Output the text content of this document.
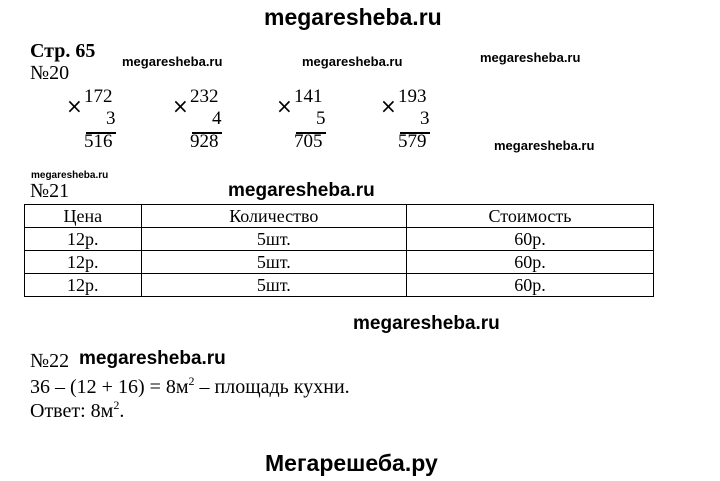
megaresheba.ru
megaresheba.ru	megaresheba.ru	megaresheba.ru
megaresheba.ru
megaresheba.ru
megaresheba.ru
megaresheba.ru
megaresheba.ru
Мегарешеба.ру
Стр. 65
№20
× 172
3
516
× 232
4
928
× 141
5
705
× 193
3
579
№21
Цена	Количество	Стоимость
12р.	5шт.	60р.
12р.	5шт.	60р.
12р.	5шт.	60р.
№22
$36 - (12 + 16) = 8м^2$ – площадь кухни.
Ответ: $8м^2$.
